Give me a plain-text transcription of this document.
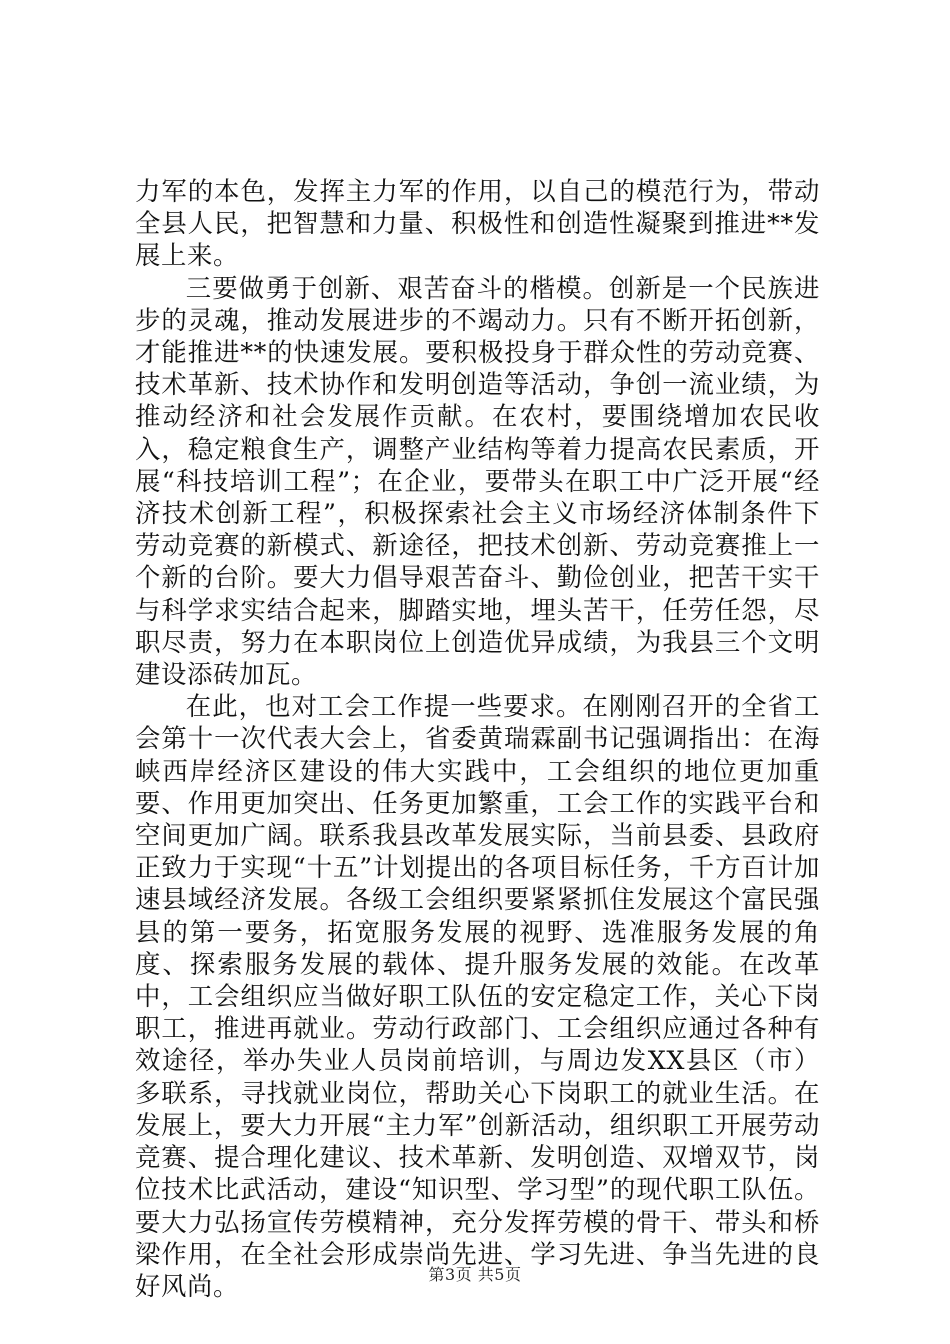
力军的本色，发挥主力军的作用，以自己的模范行为，带动全县人民，把智慧和力量、积极性和创造性凝聚到推进**发展上来。

三要做勇于创新、艰苦奋斗的楷模。创新是一个民族进步的灵魂，推动发展进步的不竭动力。只有不断开拓创新，才能推进**的快速发展。要积极投身于群众性的劳动竞赛、技术革新、技术协作和发明创造等活动，争创一流业绩，为推动经济和社会发展作贡献。在农村，要围绕增加农民收入，稳定粮食生产，调整产业结构等着力提高农民素质，开展“科技培训工程”；在企业，要带头在职工中广泛开展“经济技术创新工程”，积极探索社会主义市场经济体制条件下劳动竞赛的新模式、新途径，把技术创新、劳动竞赛推上一个新的台阶。要大力倡导艰苦奋斗、勤俭创业，把苦干实干与科学求实结合起来，脚踏实地，埋头苦干，任劳任怨，尽职尽责，努力在本职岗位上创造优异成绩，为我县三个文明建设添砖加瓦。

在此，也对工会工作提一些要求。在刚刚召开的全省工会第十一次代表大会上，省委黄瑞霖副书记强调指出：在海峡西岸经济区建设的伟大实践中，工会组织的地位更加重要、作用更加突出、任务更加繁重，工会工作的实践平台和空间更加广阔。联系我县改革发展实际，当前县委、县政府正致力于实现“十五”计划提出的各项目标任务，千方百计加速县域经济发展。各级工会组织要紧紧抓住发展这个富民强县的第一要务，拓宽服务发展的视野、选准服务发展的角度、探索服务发展的载体、提升服务发展的效能。在改革中，工会组织应当做好职工队伍的安定稳定工作，关心下岗职工，推进再就业。劳动行政部门、工会组织应通过各种有效途径，举办失业人员岗前培训，与周边发XX县区（市）多联系，寻找就业岗位，帮助关心下岗职工的就业生活。在发展上，要大力开展“主力军”创新活动，组织职工开展劳动竞赛、提合理化建议、技术革新、发明创造、双增双节，岗位技术比武活动，建设“知识型、学习型”的现代职工队伍。要大力弘扬宣传劳模精神，充分发挥劳模的骨干、带头和桥梁作用，在全社会形成崇尚先进、学习先进、争当先进的良好风尚。	第3页 共5页
